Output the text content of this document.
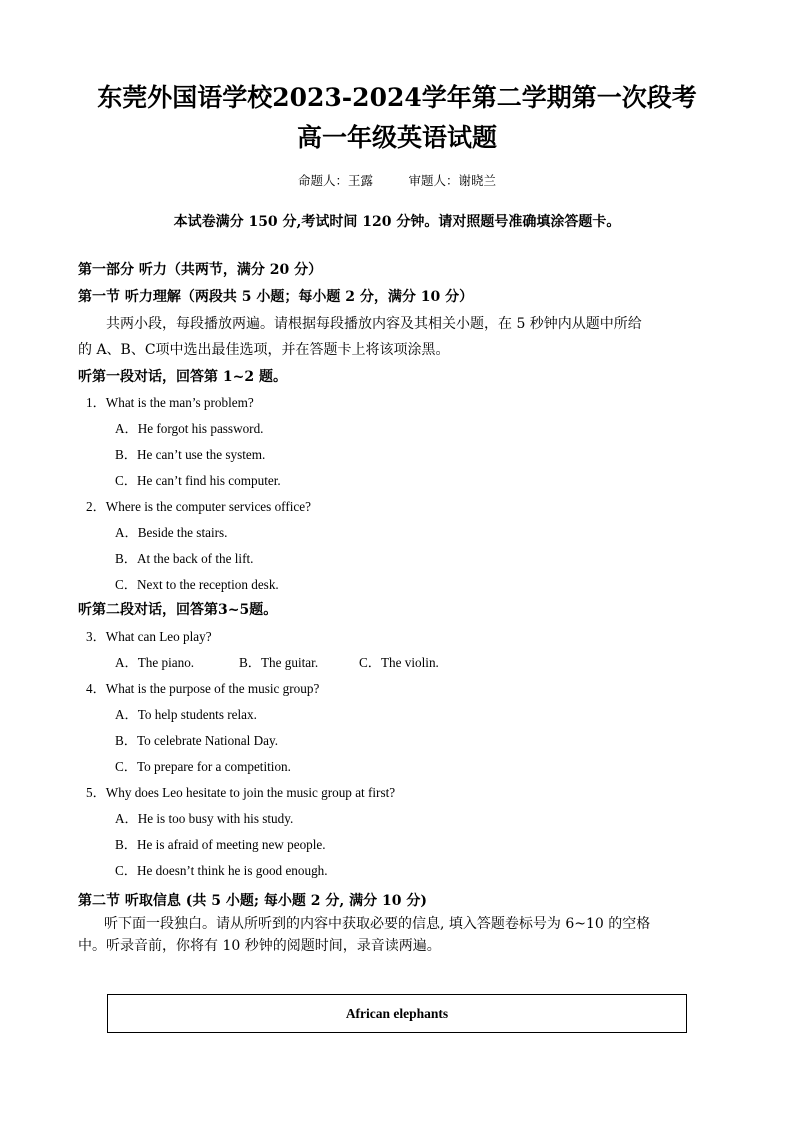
东莞外国语学校2023-2024学年第二学期第一次段考
高一年级英语试题
命题人：王露	审题人：谢晓兰
本试卷满分 150 分,考试时间 120 分钟。请对照题号准确填涂答题卡。
第一部分 听力（共两节，满分 20 分）
第一节 听力理解（两段共 5 小题；每小题 2 分，满分 10 分）
共两小段，每段播放两遍。请根据每段播放内容及其相关小题，在 5 秒钟内从题中所给
的 A、B、C项中选出最佳选项，并在答题卡上将该项涂黑。
听第一段对话，回答第 1~2 题。
1．What is the man’s problem?
A．He forgot his password.
B．He can’t use the system.
C．He can’t find his computer.
2．Where is the computer services office?
A．Beside the stairs.
B．At the back of the lift.
C．Next to the reception desk.
听第二段对话，回答第3~5题。
3．What can Leo play?
A．The piano.	B．The guitar.	C．The violin.
4．What is the purpose of the music group?
A．To help students relax.
B．To celebrate National Day.
C．To prepare for a competition.
5．Why does Leo hesitate to join the music group at first?
A．He is too busy with his study.
B．He is afraid of meeting new people.
C．He doesn’t think he is good enough.
第二节 听取信息 (共 5 小题; 每小题 2 分, 满分 10 分)
听下面一段独白。请从所听到的内容中获取必要的信息, 填入答题卷标号为 6~10 的空格
中。听录音前，你将有 10 秒钟的阅题时间，录音读两遍。
African elephants
